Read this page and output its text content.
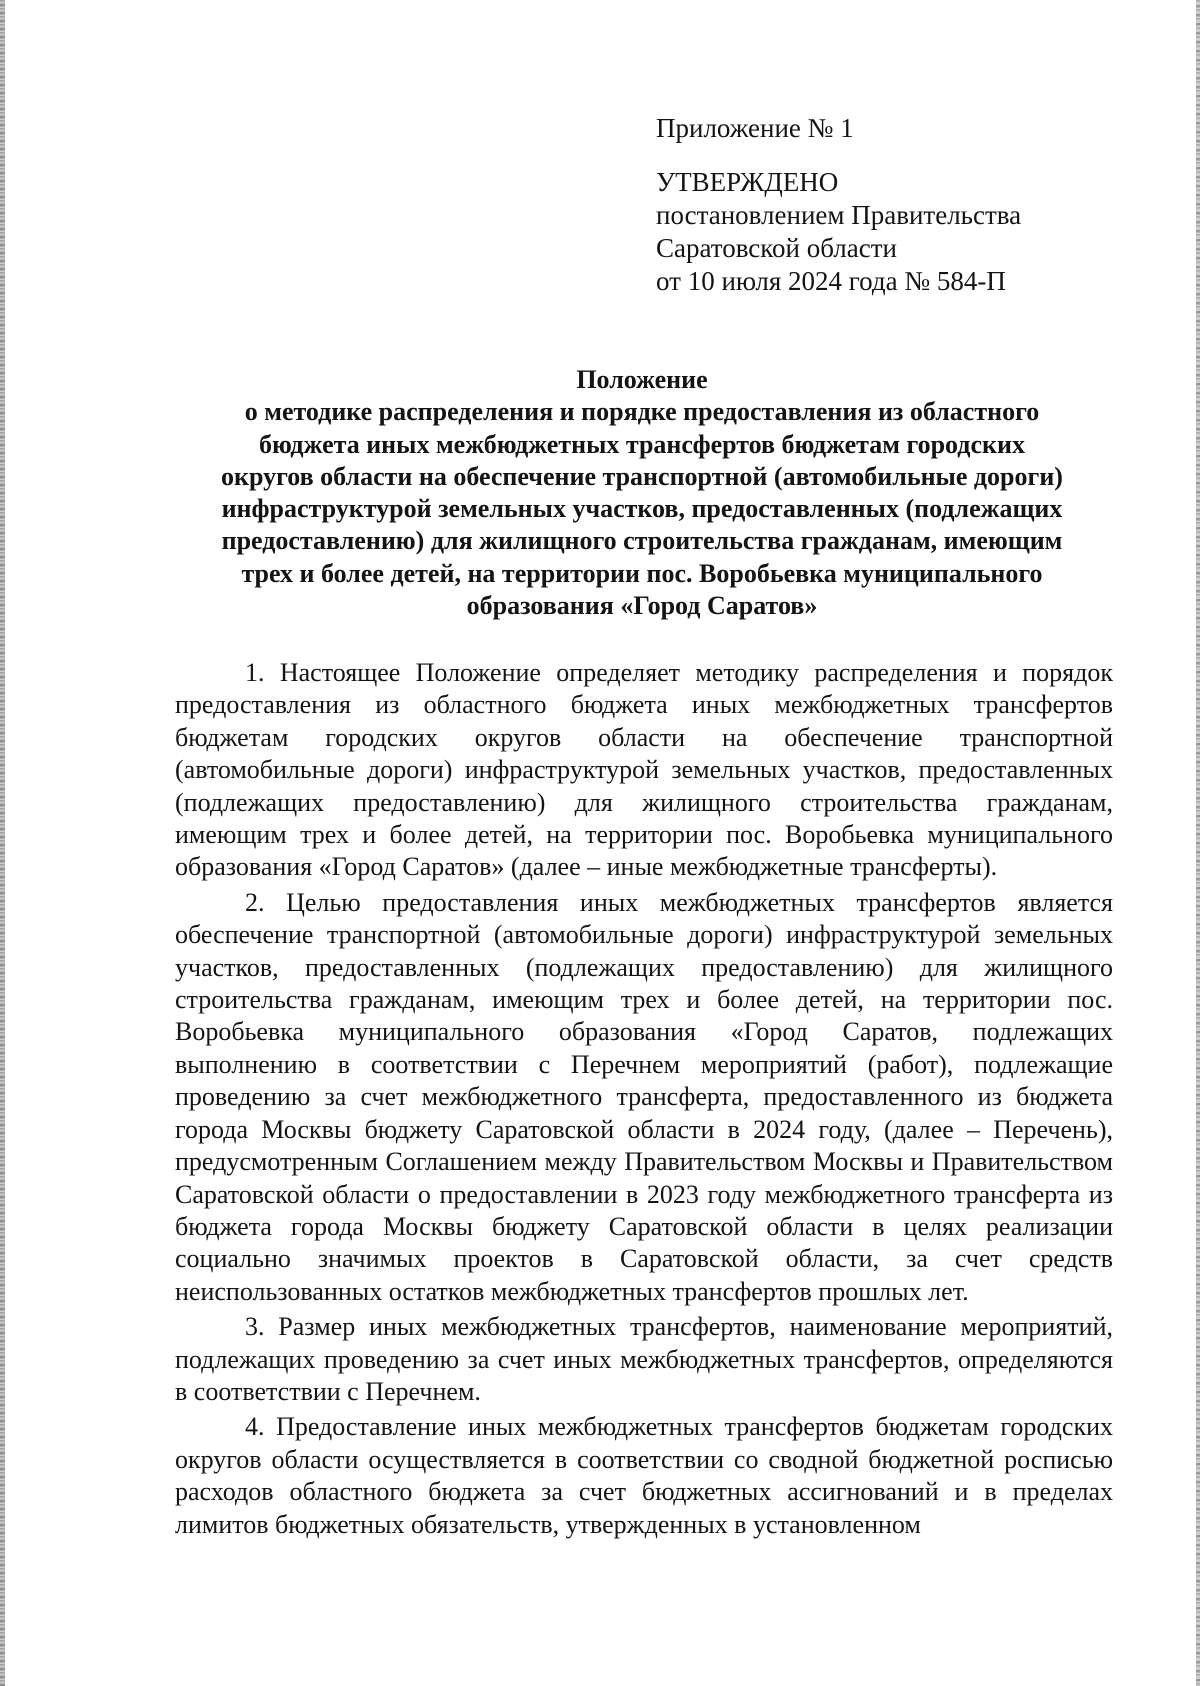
Приложение № 1

УТВЕРЖДЕНО

постановлением Правительства

Саратовской области

от 10 июля 2024 года № 584-П

Положение

о методике распределения и порядке предоставления из областного

бюджета иных межбюджетных трансфертов бюджетам городских

округов области на обеспечение транспортной (автомобильные дороги)

инфраструктурой земельных участков, предоставленных (подлежащих

предоставлению) для жилищного строительства гражданам, имеющим

трех и более детей, на территории пос. Воробьевка муниципального

образования «Город Саратов»

1. Настоящее Положение определяет методику распределения и порядок предоставления из областного бюджета иных межбюджетных трансфертов бюджетам городских округов области на обеспечение транспортной (автомобильные дороги) инфраструктурой земельных участков, предоставленных (подлежащих предоставлению) для жилищного строительства гражданам, имеющим трех и более детей, на территории пос. Воробьевка муниципального образования «Город Саратов» (далее – иные межбюджетные трансферты).

2. Целью предоставления иных межбюджетных трансфертов является обеспечение транспортной (автомобильные дороги) инфраструктурой земельных участков, предоставленных (подлежащих предоставлению) для жилищного строительства гражданам, имеющим трех и более детей, на территории пос. Воробьевка муниципального образования «Город Саратов, подлежащих выполнению в соответствии с Перечнем мероприятий (работ), подлежащие проведению за счет межбюджетного трансферта, предоставленного из бюджета города Москвы бюджету Саратовской области в 2024 году, (далее – Перечень), предусмотренным Соглашением между Правительством Москвы и Правительством Саратовской области о предоставлении в 2023 году межбюджетного трансферта из бюджета города Москвы бюджету Саратовской области в целях реализации социально значимых проектов в Саратовской области, за счет средств неиспользованных остатков межбюджетных трансфертов прошлых лет.

3. Размер иных межбюджетных трансфертов, наименование мероприятий, подлежащих проведению за счет иных межбюджетных трансфертов, определяются в соответствии с Перечнем.

4. Предоставление иных межбюджетных трансфертов бюджетам городских округов области осуществляется в соответствии со сводной бюджетной росписью расходов областного бюджета за счет бюджетных ассигнований и в пределах лимитов бюджетных обязательств, утвержденных в установленном
